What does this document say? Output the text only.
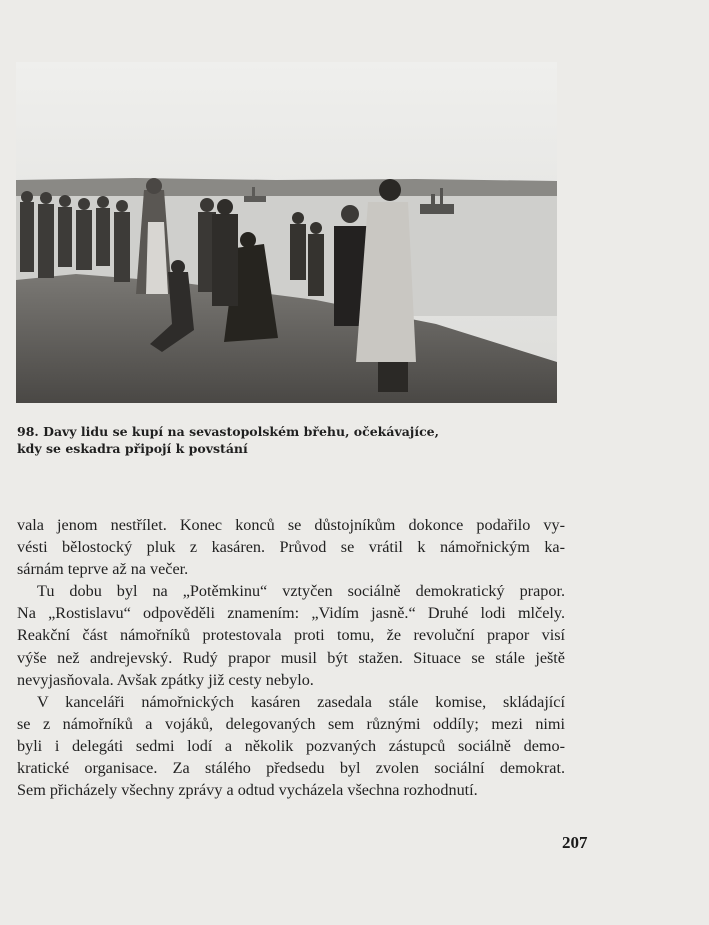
98. Davy lidu se kupí na sevastopolském břehu, očekávajíce,
kdy se eskadra připojí k povstání
vala jenom nestřílet. Konec konců se důstojníkům dokonce podařilo vy-
vésti bělostocký pluk z kasáren. Průvod se vrátil k námořnickým ka-
sárnám teprve až na večer.
Tu dobu byl na „Potěmkinu“ vztyčen sociálně demokratický prapor.
Na „Rostislavu“ odpověděli znamením: „Vidím jasně.“ Druhé lodi mlčely.
Reakční část námořníků protestovala proti tomu, že revoluční prapor visí
výše než andrejevský. Rudý prapor musil být stažen. Situace se stále ještě
nevyjasňovala. Avšak zpátky již cesty nebylo.
V kanceláři námořnických kasáren zasedala stále komise, skládající
se z námořníků a vojáků, delegovaných sem různými oddíly; mezi nimi
byli i delegáti sedmi lodí a několik pozvaných zástupců sociálně demo-
kratické organisace. Za stálého předsedu byl zvolen sociální demokrat.
Sem přicházely všechny zprávy a odtud vycházela všechna rozhodnutí.
207
